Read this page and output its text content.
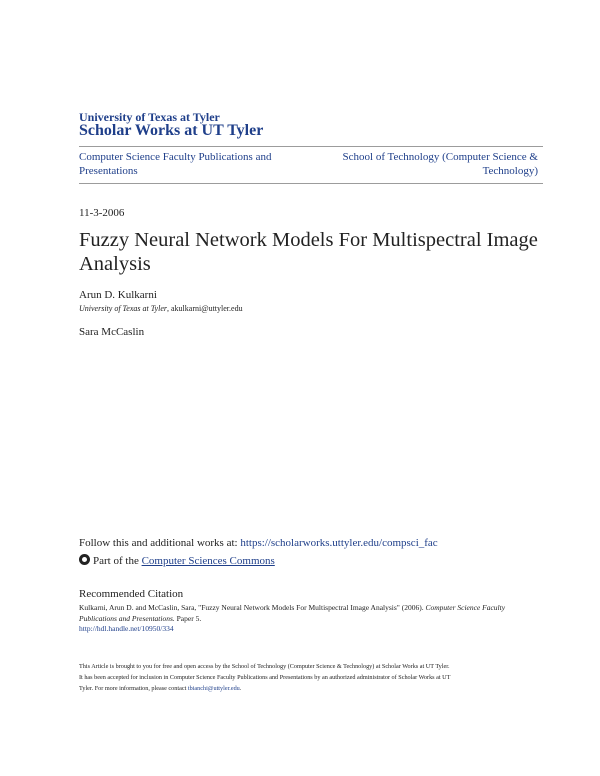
University of Texas at Tyler
Scholar Works at UT Tyler
Computer Science Faculty Publications and Presentations
School of Technology (Computer Science & Technology)
11-3-2006
Fuzzy Neural Network Models For Multispectral Image Analysis
Arun D. Kulkarni
University of Texas at Tyler, akulkarni@uttyler.edu
Sara McCaslin
Follow this and additional works at: https://scholarworks.uttyler.edu/compsci_fac
Part of the Computer Sciences Commons
Recommended Citation
Kulkarni, Arun D. and McCaslin, Sara, "Fuzzy Neural Network Models For Multispectral Image Analysis" (2006). Computer Science Faculty Publications and Presentations. Paper 5.
http://hdl.handle.net/10950/334
This Article is brought to you for free and open access by the School of Technology (Computer Science & Technology) at Scholar Works at UT Tyler.
It has been accepted for inclusion in Computer Science Faculty Publications and Presentations by an authorized administrator of Scholar Works at UT
Tyler. For more information, please contact tbianchi@uttyler.edu.
